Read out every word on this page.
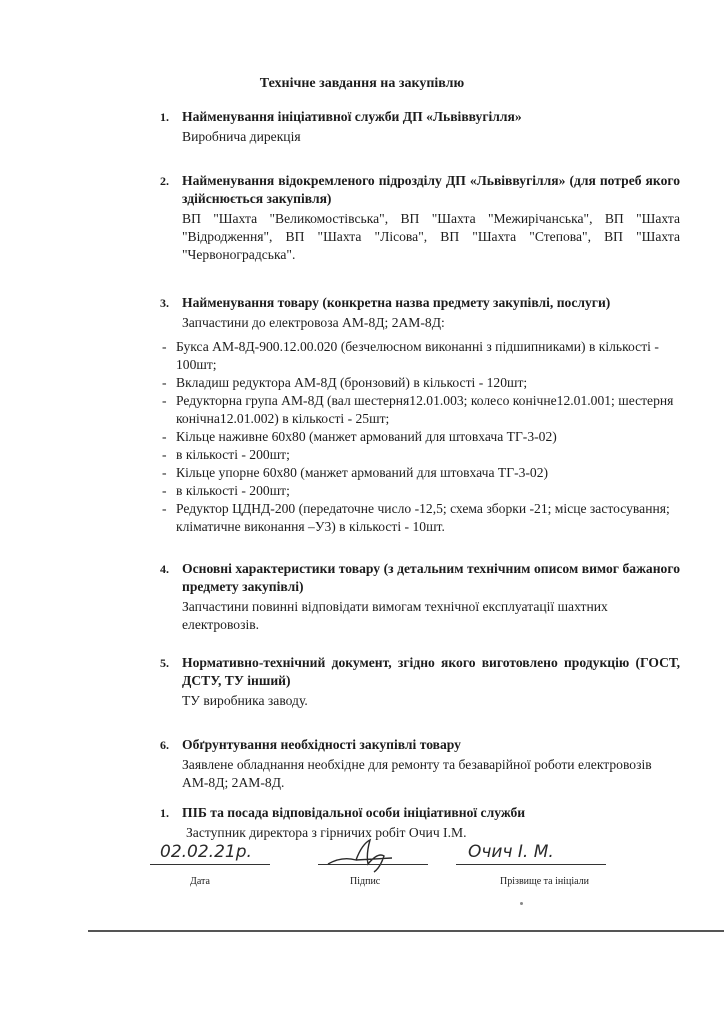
Технічне завдання на закупівлю
1. Найменування ініціативної служби ДП «Львіввугілля»
Виробнича дирекція
2. Найменування відокремленого підрозділу ДП «Львіввугілля» (для потреб якого здійснюється закупівля)
ВП "Шахта "Великомостівська", ВП "Шахта "Межирічанська", ВП "Шахта "Відродження", ВП "Шахта "Лісова", ВП "Шахта "Степова", ВП "Шахта "Червоноградська".
3. Найменування товару (конкретна назва предмету закупівлі, послуги)
Запчастини до електровоза АМ-8Д; 2АМ-8Д:
- Букса АМ-8Д-900.12.00.020 (безчелюсном виконанні з підшипниками) в кількості - 100шт;
- Вкладиш редуктора АМ-8Д (бронзовий) в кількості - 120шт;
- Редукторна група АМ-8Д (вал шестерня12.01.003; колесо конічне12.01.001; шестерня конічна12.01.002) в кількості - 25шт;
- Кільце наживне 60х80 (манжет армований для штовхача ТГ-3-02)
- в кількості - 200шт;
- Кільце упорне 60х80 (манжет армований для штовхача ТГ-3-02)
- в кількості - 200шт;
- Редуктор ЦДНД-200 (передаточне число -12,5; схема зборки -21; місце застосування; кліматичне виконання –У3) в кількості - 10шт.
4. Основні характеристики товару (з детальним технічним описом вимог бажаного предмету закупівлі)
Запчастини повинні відповідати вимогам технічної експлуатації шахтних електровозів.
5. Нормативно-технічний документ, згідно якого виготовлено продукцію (ГОСТ, ДСТУ, ТУ інший)
ТУ виробника заводу.
6. Обґрунтування необхідності закупівлі товару
Заявлене обладнання необхідне для ремонту та безаварійної роботи електровозів АМ-8Д; 2АМ-8Д.
1. ПІБ та посада відповідальної особи ініціативної служби
Заступник директора з гірничих робіт Очич І.М.
02.02.21р.
Дата	Підпис
Очич І. М.
Прізвище та ініціали
